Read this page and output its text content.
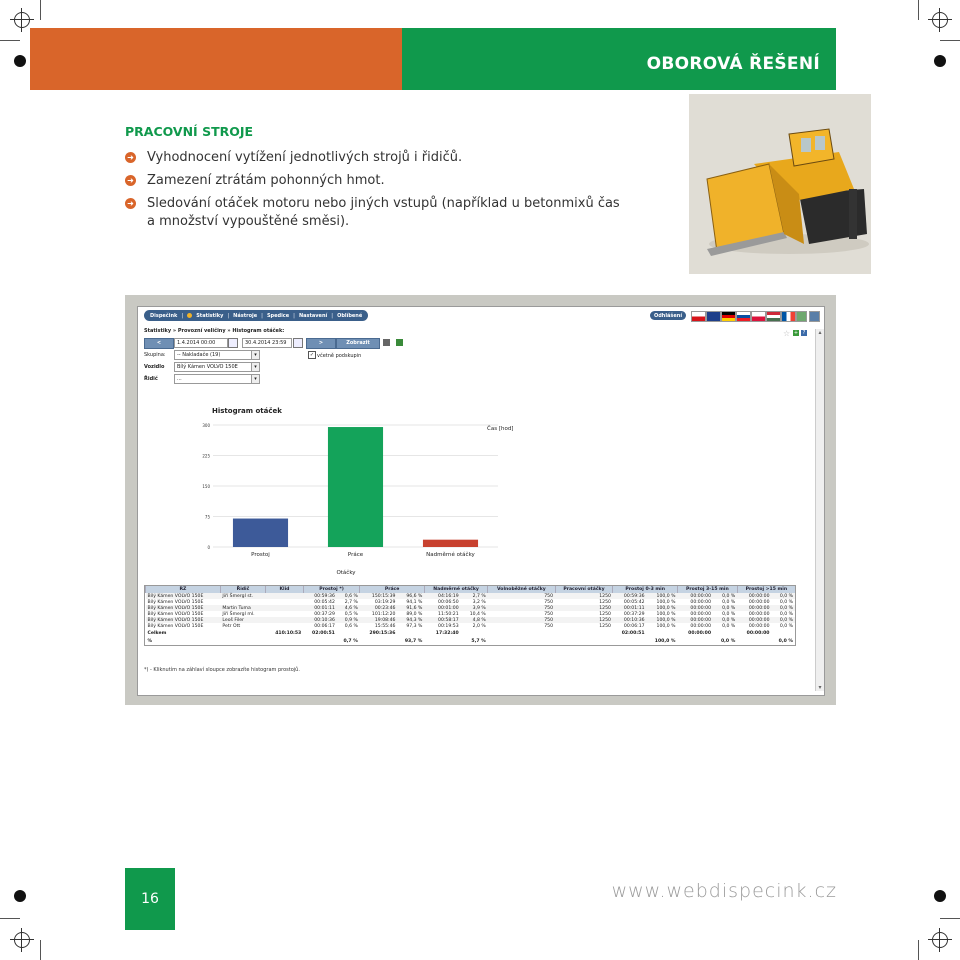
OBOROVÁ ŘEŠENÍ
PRACOVNÍ STROJE
➜ Vyhodnocení vytížení jednotlivých strojů i řidičů.
➜ Zamezení ztrátám pohonných hmot.
➜ Sledování otáček motoru nebo jiných vstupů (například u betonmixů čas
a množství vypouštěné směsi).
Dispečink |	Statistiky | Nástroje | Spedice | Nastavení | Oblíbené	Odhlášení
Statistiky » Provozní veličiny » Histogram otáček:	☆ + ?
<	1.4.2014 00:00	30.4.2014 23:59	>	Zobrazit
Skupina:	-- Nakladače (19)	▾	✓ včetně podskupin
Vozidlo	Bílý Kámen VOLVO 150E	▾
Řidič	...	▾
Histogram otáček
0
75
150
225
300
Čas [hod]
Prostoj	Práce	Nadměrné otáčky
Otáčky
RZ	Řidič	Klid	Prostoj *)		Práce		Nadměrné otáčky		Volnoběžné otáčky	Pracovní otáčky	Prostoj 0-3 min		Prostoj 3-15 min		Prostoj >15 min	
Bílý Kámen VOLVO 150E	Jiří Šmergl st.		00:59:36	0,6 %	150:15:39	96,6 %	04:16:19	2,7 %	750	1250	00:59:36	100,0 %	00:00:00	0,0 %	00:00:00	0,0 %
Bílý Kámen VOLVO 150E			00:05:42	2,7 %	03:19:29	94,1 %	00:06:50	3,2 %	750	1250	00:05:42	100,0 %	00:00:00	0,0 %	00:00:00	0,0 %
Bílý Kámen VOLVO 150E	Martin Tuma		00:01:11	4,6 %	00:23:46	91,6 %	00:01:00	3,9 %	750	1250	00:01:11	100,0 %	00:00:00	0,0 %	00:00:00	0,0 %
Bílý Kámen VOLVO 150E	Jiří Šmergl ml.		00:37:29	0,5 %	101:12:20	89,0 %	11:50:21	10,4 %	750	1250	00:37:29	100,0 %	00:00:00	0,0 %	00:00:00	0,0 %
Bílý Kámen VOLVO 150E	Leoš Filer		00:10:36	0,9 %	19:08:46	94,3 %	00:58:17	4,8 %	750	1250	00:10:36	100,0 %	00:00:00	0,0 %	00:00:00	0,0 %
Bílý Kámen VOLVO 150E	Petr Ott		00:06:17	0,6 %	15:55:46	97,3 %	00:19:53	2,0 %	750	1250	00:06:17	100,0 %	00:00:00	0,0 %	00:00:00	0,0 %
Celkem		410:10:53	02:00:51		290:15:36		17:32:40				02:00:51		00:00:00		00:00:00	
%				0,7 %		93,7 %		5,7 %				100,0 %		0,0 %		0,0 %
*) - Kliknutím na záhlaví sloupce zobrazíte histogram prostojů.
▴
▾
16	www.webdispecink.cz
